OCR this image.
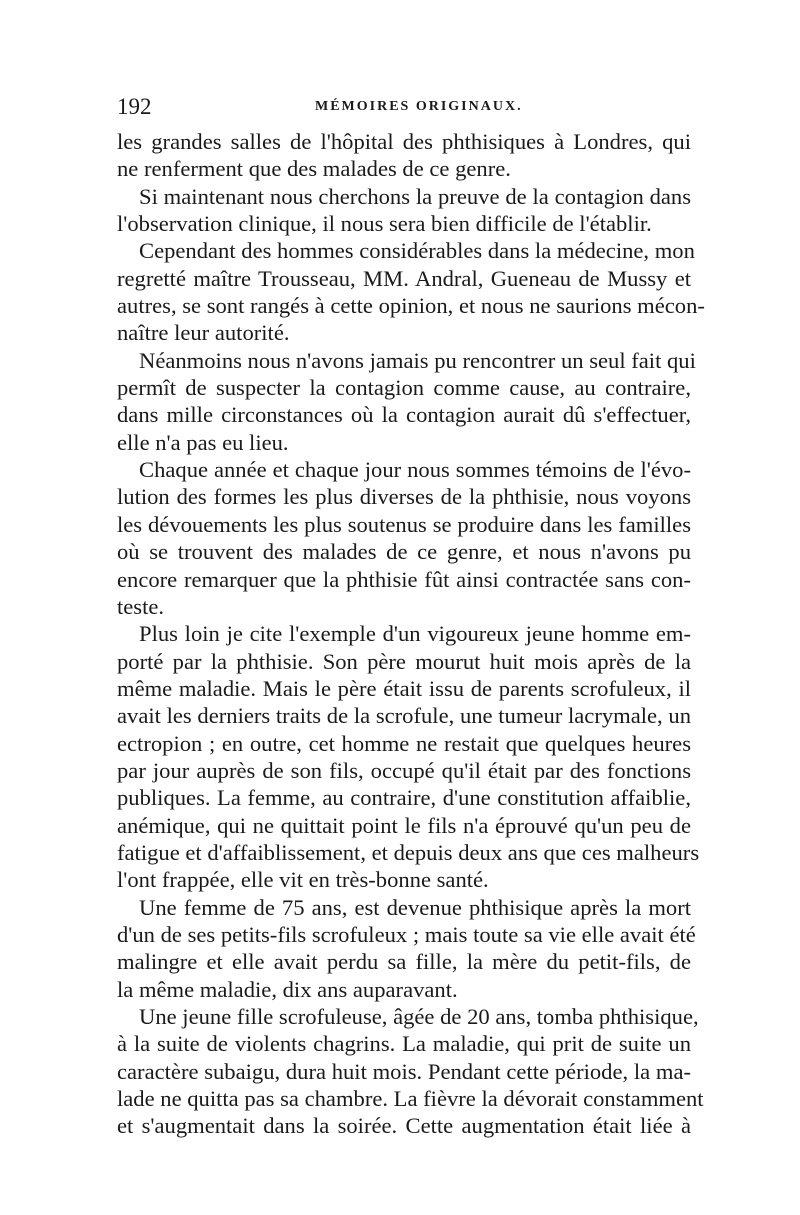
192	MÉMOIRES ORIGINAUX.
les grandes salles de l'hôpital des phthisiques à Londres, qui
ne renferment que des malades de ce genre.
Si maintenant nous cherchons la preuve de la contagion dans
l'observation clinique, il nous sera bien difficile de l'établir.
Cependant des hommes considérables dans la médecine, mon
regretté maître Trousseau, MM. Andral, Gueneau de Mussy et
autres, se sont rangés à cette opinion, et nous ne saurions mécon-
naître leur autorité.
Néanmoins nous n'avons jamais pu rencontrer un seul fait qui
permît de suspecter la contagion comme cause, au contraire,
dans mille circonstances où la contagion aurait dû s'effectuer,
elle n'a pas eu lieu.
Chaque année et chaque jour nous sommes témoins de l'évo-
lution des formes les plus diverses de la phthisie, nous voyons
les dévouements les plus soutenus se produire dans les familles
où se trouvent des malades de ce genre, et nous n'avons pu
encore remarquer que la phthisie fût ainsi contractée sans con-
teste.
Plus loin je cite l'exemple d'un vigoureux jeune homme em-
porté par la phthisie. Son père mourut huit mois après de la
même maladie. Mais le père était issu de parents scrofuleux, il
avait les derniers traits de la scrofule, une tumeur lacrymale, un
ectropion ; en outre, cet homme ne restait que quelques heures
par jour auprès de son fils, occupé qu'il était par des fonctions
publiques. La femme, au contraire, d'une constitution affaiblie,
anémique, qui ne quittait point le fils n'a éprouvé qu'un peu de
fatigue et d'affaiblissement, et depuis deux ans que ces malheurs
l'ont frappée, elle vit en très-bonne santé.
Une femme de 75 ans, est devenue phthisique après la mort
d'un de ses petits-fils scrofuleux ; mais toute sa vie elle avait été
malingre et elle avait perdu sa fille, la mère du petit-fils, de
la même maladie, dix ans auparavant.
Une jeune fille scrofuleuse, âgée de 20 ans, tomba phthisique,
à la suite de violents chagrins. La maladie, qui prit de suite un
caractère subaigu, dura huit mois. Pendant cette période, la ma-
lade ne quitta pas sa chambre. La fièvre la dévorait constamment
et s'augmentait dans la soirée. Cette augmentation était liée à
